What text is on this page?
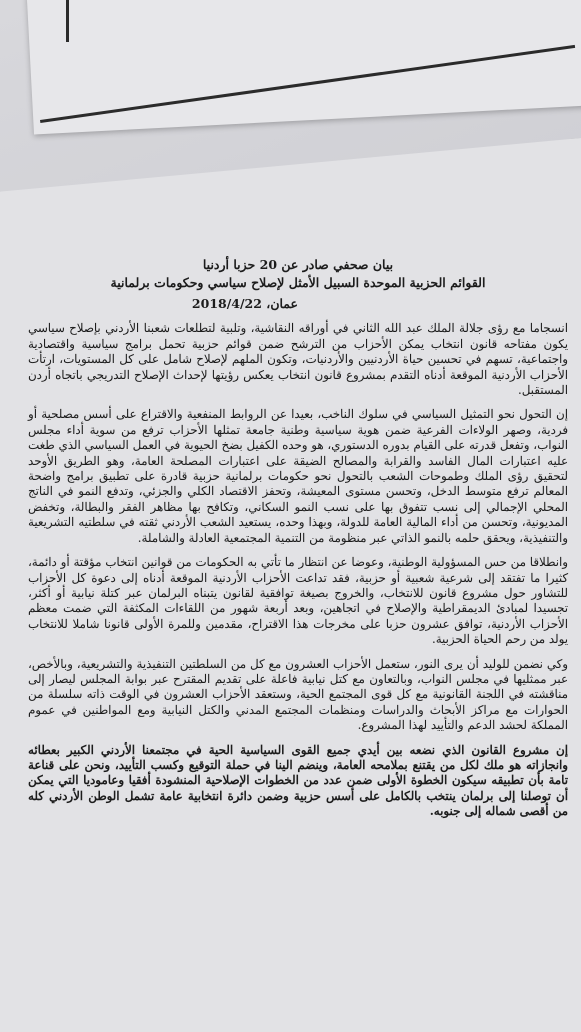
بيان صحفي صادر عن 20 حزبا أردنيا
القوائم الحزبية الموحدة السبيل الأمثل لإصلاح سياسي وحكومات برلمانية
عمان، 2018/4/22
انسجاما مع رؤى جلالة الملك عبد الله الثاني في أوراقه النقاشية، وتلبية لتطلعات شعبنا الأردني بإصلاح سياسي يكون مفتاحه قانون انتخاب يمكن الأحزاب من الترشح ضمن قوائم حزبية تحمل برامج سياسية واقتصادية واجتماعية، تسهم في تحسين حياة الأردنيين والأردنيات، وتكون الملهم لإصلاح شامل على كل المستويات، ارتأت الأحزاب الأردنية الموقعة أدناه التقدم بمشروع قانون انتخاب يعكس رؤيتها لإحداث الإصلاح التدريجي باتجاه أردن المستقبل.
إن التحول نحو التمثيل السياسي في سلوك الناخب، بعيدا عن الروابط المنفعية والاقتراع على أسس مصلحية أو فردية، وصهر الولاءات الفرعية ضمن هوية سياسية وطنية جامعة تمثلها الأحزاب ترفع من سوية أداء مجلس النواب، وتفعل قدرته على القيام بدوره الدستوري، هو وحده الكفيل بضخ الحيوية في العمل السياسي الذي طغت عليه اعتبارات المال الفاسد والقرابة والمصالح الضيقة على اعتبارات المصلحة العامة، وهو الطريق الأوحد لتحقيق رؤى الملك وطموحات الشعب بالتحول نحو حكومات برلمانية حزبية قادرة على تطبيق برامج واضحة المعالم ترفع متوسط الدخل، وتحسن مستوى المعيشة، وتحفز الاقتصاد الكلي والجزئي، وتدفع النمو في الناتج المحلي الإجمالي إلى نسب تتفوق بها على نسب النمو السكاني، وتكافح بها مظاهر الفقر والبطالة، وتخفض المديونية، وتحسن من أداء المالية العامة للدولة، وبهذا وحده، يستعيد الشعب الأردني ثقته في سلطتيه التشريعية والتنفيذية، ويحقق حلمه بالنمو الذاتي عبر منظومة من التنمية المجتمعية العادلة والشاملة.
وانطلاقا من حس المسؤولية الوطنية، وعوضا عن انتظار ما تأتي به الحكومات من قوانين انتخاب مؤقتة أو دائمة، كثيرا ما تفتقد إلى شرعية شعبية أو حزبية، فقد تداعت الأحزاب الأردنية الموقعة أدناه إلى دعوة كل الأحزاب للتشاور حول مشروع قانون للانتخاب، والخروج بصيغة توافقية لقانون يتبناه البرلمان عبر كتلة نيابية أو أكثر، تجسيدا لمبادئ الديمقراطية والإصلاح في اتجاهين، وبعد أربعة شهور من اللقاءات المكثفة التي ضمت معظم الأحزاب الأردنية، توافق عشرون حزبا على مخرجات هذا الاقتراح، مقدمين وللمرة الأولى قانونا شاملا للانتخاب يولد من رحم الحياة الحزبية.
وكي نضمن للوليد أن يرى النور، ستعمل الأحزاب العشرون مع كل من السلطتين التنفيذية والتشريعية، وبالأخص، عبر ممثليها في مجلس النواب، وبالتعاون مع كتل نيابية فاعلة على تقديم المقترح عبر بوابة المجلس ليصار إلى مناقشته في اللجنة القانونية مع كل قوى المجتمع الحية، وستعقد الأحزاب العشرون في الوقت ذاته سلسلة من الحوارات مع مراكز الأبحاث والدراسات ومنظمات المجتمع المدني والكتل النيابية ومع المواطنين في عموم المملكة لحشد الدعم والتأييد لهذا المشروع.
إن مشروع القانون الذي نضعه بين أيدي جميع القوى السياسية الحية في مجتمعنا الأردني الكبير بعطائه وانجازاته هو ملك لكل من يقتنع بملامحه العامة، وينضم الينا في حملة التوقيع وكسب التأييد، ونحن على قناعة تامة بأن تطبيقه سيكون الخطوة الأولى ضمن عدد من الخطوات الإصلاحية المنشودة أفقيا وعاموديا التي يمكن أن توصلنا إلى برلمان ينتخب بالكامل على أسس حزبية وضمن دائرة انتخابية عامة تشمل الوطن الأردني كله من أقصى شماله إلى جنوبه.
